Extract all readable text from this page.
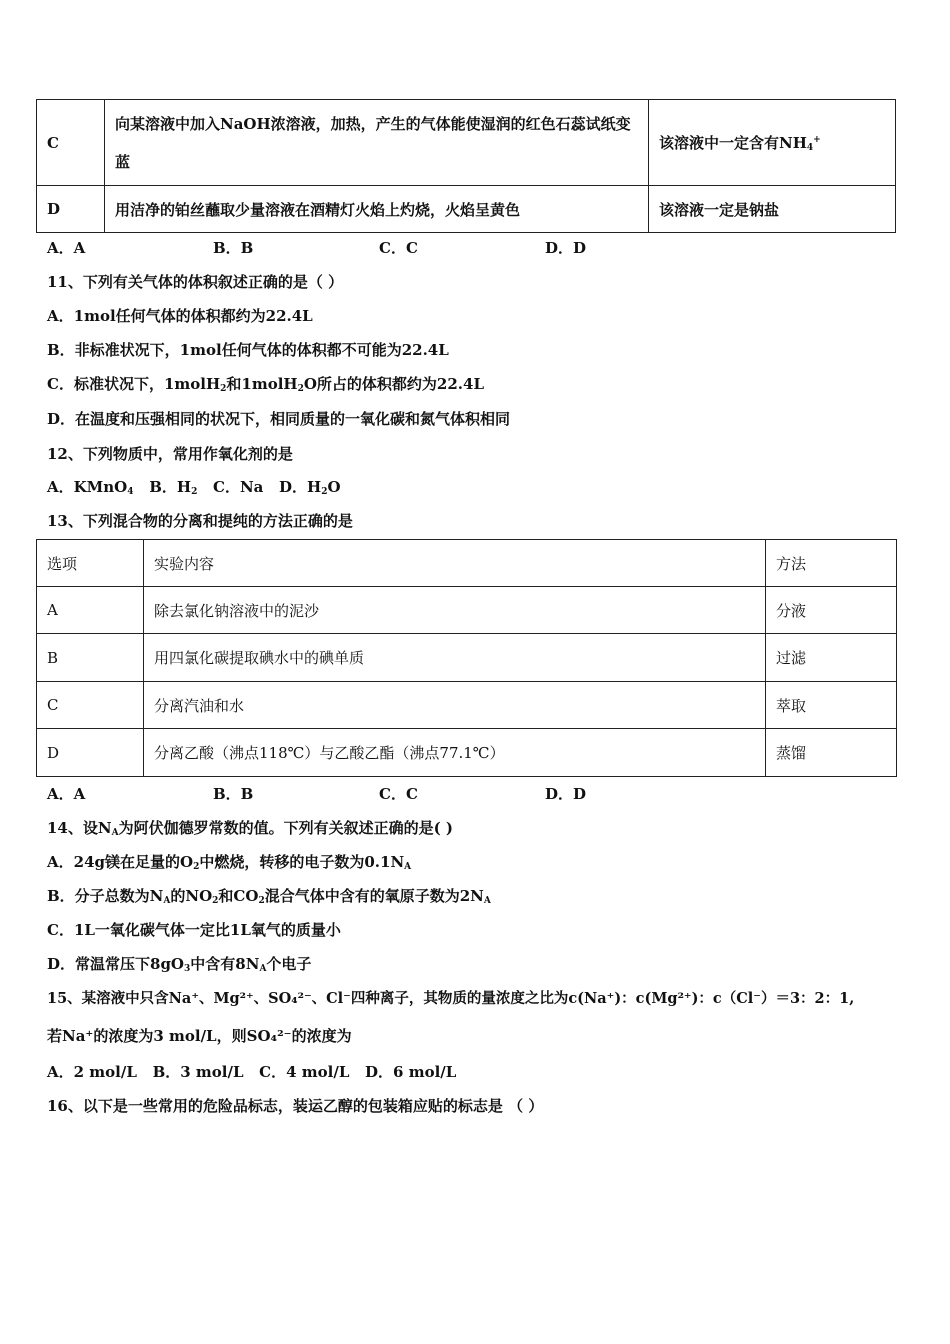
C	向某溶液中加入NaOH浓溶液，加热，产生的气体能使湿润的红色石蕊试纸变蓝	该溶液中一定含有$NH_4^+$
D	用洁净的铂丝蘸取少量溶液在酒精灯火焰上灼烧，火焰呈黄色	该溶液一定是钠盐
A．A	B．B	C．C	D．D
11、下列有关气体的体积叙述正确的是（ ）
A．1mol任何气体的体积都约为22.4L
B．非标准状况下，1mol任何气体的体积都不可能为22.4L
C．标准状况下，1molH$_2$和1molH$_2$O所占的体积都约为22.4L
D．在温度和压强相同的状况下，相同质量的一氧化碳和氮气体积相同
12、下列物质中，常用作氧化剂的是
A．KMnO$_4$ B．$H_2$ C．Na D．$H_2O$
13、下列混合物的分离和提纯的方法正确的是
选项	实验内容	方法
A	除去氯化钠溶液中的泥沙	分液
B	用四氯化碳提取碘水中的碘单质	过滤
C	分离汽油和水	萃取
D	分离乙酸（沸点118℃）与乙酸乙酯（沸点77.1℃）	蒸馏
A．A	B．B	C．C	D．D
14、设$N_A$为阿伏伽德罗常数的值。下列有关叙述正确的是( )
A．24g镁在足量的$O_2$中燃烧，转移的电子数为$0.1N_A$
B．分子总数为$N_A$的$NO_2$和$CO_2$混合气体中含有的氧原子数为$2N_A$
C．1L一氧化碳气体一定比1L氧气的质量小
D．常温常压下$8gO_3$中含有$8N_A$个电子
15、某溶液中只含Na⁺、Mg²⁺、SO₄²⁻、Cl⁻四种离子，其物质的量浓度之比为c(Na⁺)：c(Mg²⁺)：c（Cl⁻）＝3：2：1,
若Na⁺的浓度为3 mol/L，则SO₄²⁻的浓度为
A．2 mol/L   B．3 mol/L   C．4 mol/L   D．6 mol/L
16、以下是一些常用的危险品标志，装运乙醇的包装箱应贴的标志是 （ ）
